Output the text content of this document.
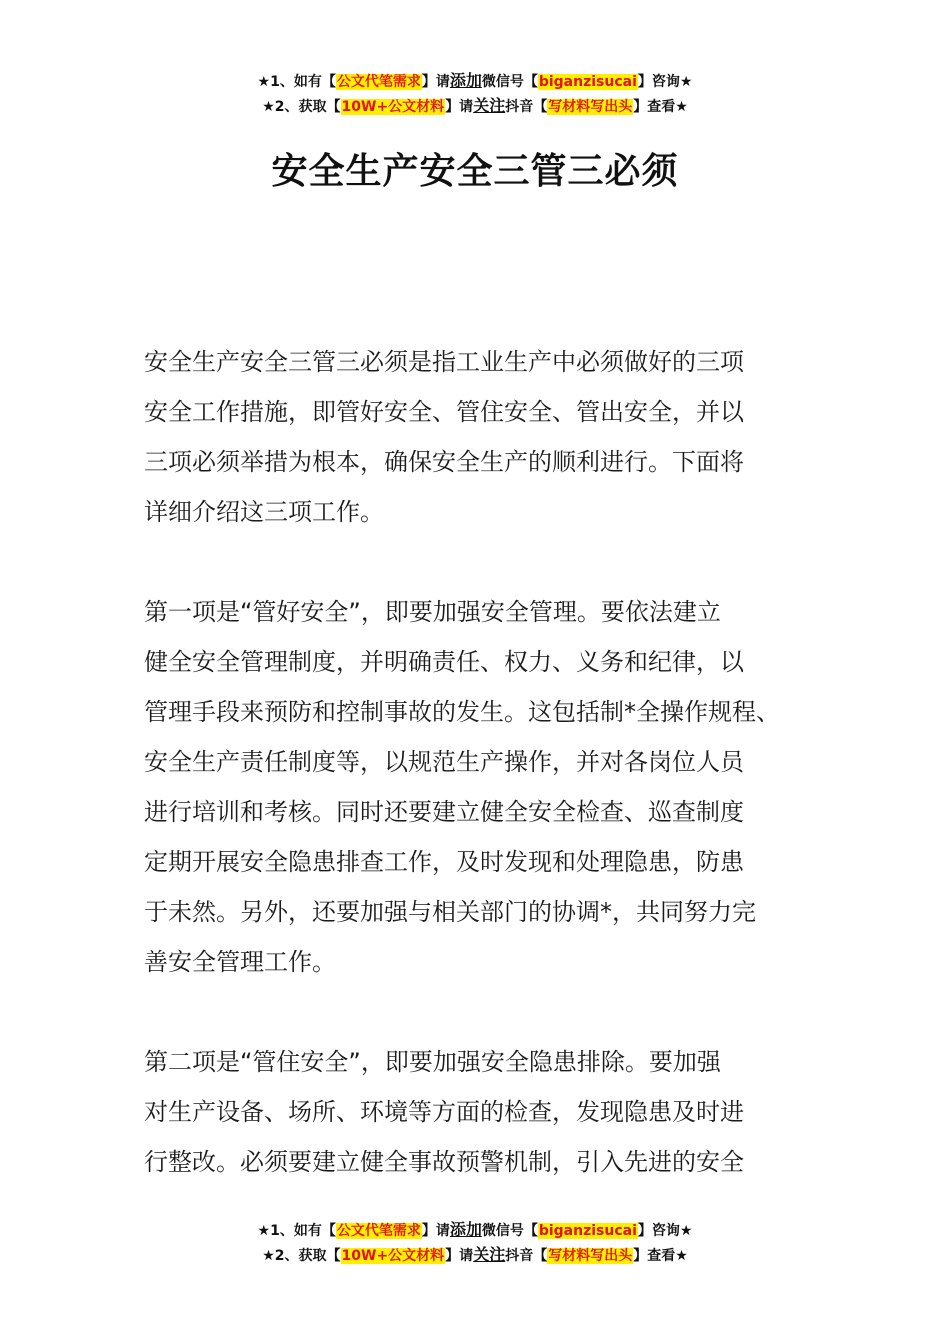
★1、如有【公文代笔需求】请添加微信号【biganzisucai】咨询★
★2、获取【10W+公文材料】请关注抖音【写材料写出头】查看★
安全生产安全三管三必须
安全生产安全三管三必须是指工业生产中必须做好的三项
安全工作措施，即管好安全、管住安全、管出安全，并以
三项必须举措为根本，确保安全生产的顺利进行。下面将
详细介绍这三项工作。
第一项是“管好安全”，即要加强安全管理。要依法建立
健全安全管理制度，并明确责任、权力、义务和纪律，以
管理手段来预防和控制事故的发生。这包括制*全操作规程、
安全生产责任制度等，以规范生产操作，并对各岗位人员
进行培训和考核。同时还要建立健全安全检查、巡查制度
定期开展安全隐患排查工作，及时发现和处理隐患，防患
于未然。另外，还要加强与相关部门的协调*，共同努力完
善安全管理工作。
第二项是“管住安全”，即要加强安全隐患排除。要加强
对生产设备、场所、环境等方面的检查，发现隐患及时进
行整改。必须要建立健全事故预警机制，引入先进的安全
★1、如有【公文代笔需求】请添加微信号【biganzisucai】咨询★
★2、获取【10W+公文材料】请关注抖音【写材料写出头】查看★
